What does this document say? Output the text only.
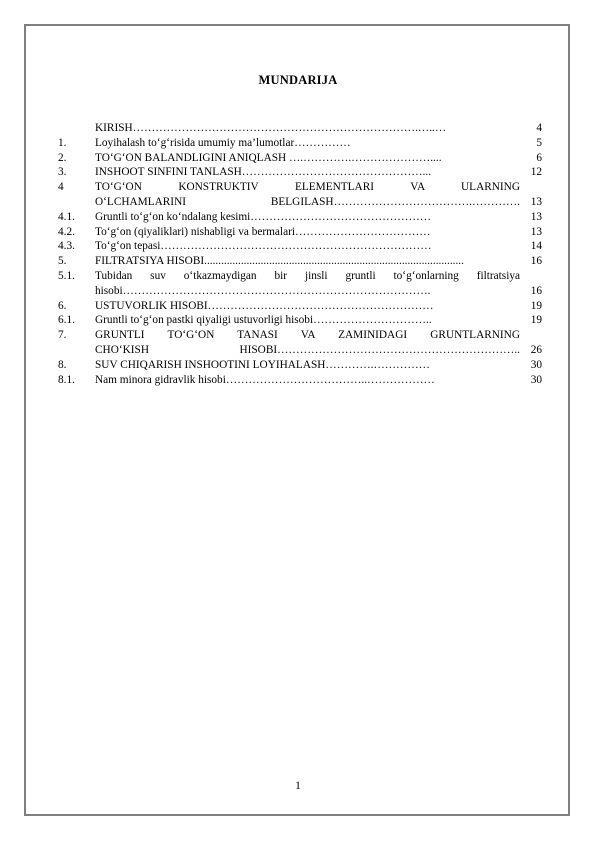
MUNDARIJA
KIRISH………………………………………………………………….…..…	4
1.	Loyihalash to‘g‘risida umumiy ma’lumotlar……………	5
2.	TO‘G‘ON BALANDLIGINI ANIQLASH ….………….…………………....	6
3.	INSHOOT SINFINI TANLASH…………………………………………...	12
4	TO‘G‘ON KONSTRUKTIV ELEMENTLARI VA ULARNING
O‘LCHAMLARINI BELGILASH……………………………….…………. 13
4.1.	Gruntli to‘g‘on ko‘ndalang kesimi…………………………………………	13
4.2.	To‘g‘on (qiyaliklari) nishabligi va bermalari………………………………	13
4.3.	To‘g‘on tepasi………………………………………………………………	14
5.	FILTRATSIYA HISOBI............................................................................................	16
5.1.	Tubidan suv o‘tkazmaydigan bir jinsli gruntli to‘g‘onlarning filtratsiya
hisobi……………………………………………………………………….	16
6.	USTUVORLIK HISOBI……………………………………………………	19
6.1.	Gruntli to‘g‘on pastki qiyaligi ustuvorligi hisobi…………………………..	19
7.	GRUNTLI TO‘G‘ON TANASI VA ZAMINIDAGI GRUNTLARNING
CHO‘KISH HISOBI……………………………………………………….. 26
8.	SUV CHIQARISH INSHOOTINI LOYIHALASH………….……………	30
8.1.	Nam minora gidravlik hisobi………………………………..………………	30
1
